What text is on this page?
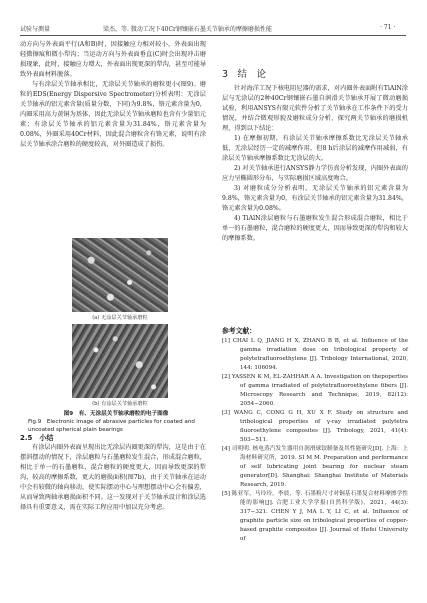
试验与测量	梁杰，等. 微动工况下40Cr钢镶嵌石墨关节轴承的摩擦磨损性能	· 71 ·

动方向与外表面平行(A和B)时，因接触应力相对较小，外表面出现轻微擦痕和微小犁沟；当运动方向与外表面垂直(C)时会出现冲击磨损现象，此时，接触应力增大，外表面出现更深的犁沟，甚至可能导致外表面材料脱落。

与有涂层关节轴承相比，无涂层关节轴承的磨粒更小(图9)。磨粒的EDS(Energy Dispersive Spectrometer)分析表明：无涂层关节轴承的铝元素含量(质量分数，下同)为9.8%，铬元素含量为0，内圈采用高力黄铜为基体，因此无涂层关节轴承磨粒也含有少量铝元素；有涂层关节轴承的铝元素含量为31.84%，铬元素含量为0.08%，外圈采用40Cr材料，因此混合磨粒含有铬元素，说明有涂层关节轴承涂合磨粒的硬度较高，对外圈造成了损伤。

(a) 无涂层关节轴承磨粒
(b) 有涂层关节轴承磨粒
图9　有、无涂层关节轴承磨粒的电子图像
Fig.9　Electronic image of abrasive particles for coated and uncoated spherical plain bearings
2.5　小结

有涂层内圈外表面呈现出比无涂层内圈更深的犁沟，这是由于在摆斜摆动的情况下，涂层磨粒与石墨磨粒发生混合，形成混合磨粒，相比于单一的石墨磨粒，混合磨粒的硬度更大，因而导致更深的犁沟，较高的摩擦系数，更大的磨损面积(图7b)，由于关节轴承在运动中会有较微的轴向移动，使实际摆动中心与理想摆动中心会有偏差，从而导致两轴承磨损面积不同。这一发现对于关节轴承设计和涂层选择具有重要意义，需在实际工程应用中加以充分考虑。

3　结　论

针对海洋工况下核电阻尼器的需求，对内圈外表面附有TiAlN涂层与无涂层的2种40Cr钢镶嵌石墨自润滑关节轴承开展了微动磨损试验，利用ANSYS有限元软件分析了关节轴承在工作条件下的受力情况，并结合微观形貌及磨粒成分分析，探究两关节轴承的磨损机理，得到以下结论：

1) 在摩擦初期，有涂层关节轴承摩擦系数比无涂层关节轴承低，无涂层经历一定的减摩作用，但8 h后涂层的减摩作用减弱，有涂层关节轴承摩擦系数比无涂层的大。

2) 对关节轴承进行ANSYS静力学仿真分析发现，内圈外表面的应力呈椭圆形分布，与实际磨损区域高度吻合。

3) 对磨粒成分分析表明，无涂层关节轴承的铝元素含量为9.8%，铬元素含量为0，有涂层关节轴承的铝元素含量为31.84%，铬元素含量为0.08%。

4) TiAlN涂层磨粒与石墨磨粒发生混合形成混合磨粒，相比于单一的石墨磨粒，混合磨粒的硬度更大，因而导致更深的犁沟和较大的摩擦系数。

参考文献：
[1] CHAI L Q, JIANG H X, ZHANG B B, et al. Influence of the gamma irradiation dose on tribological property of polytetrafluoroethylene [J]. Tribology International, 2020, 144: 106094.
[2] YASSEN K M, EL-ZAHHAR A A. Investigation on thepoperties of gamma irradiated of polytetrafluoroethylene fibers [J]. Microscopy Research and Technique, 2019, 82(12): 2054−2060.
[3] WANG C, CONG G H, XU X F. Study on structure and tribological properties of γ-ray irradiated polytetra fluoroethylene composites [J]. Tribology, 2021, 41(4): 503−511.
[4] 司明明. 核电蒸汽发生器用自润滑球铰制备及其性能研究[D]. 上海：上海材料研究所，2019. SI M M. Preparation and performance of self lubricating joint bearing for nuclear steam generator[D]. Shanghai: Shanghai Institute of Materials Research, 2019.
[5] 陈亚军，马玲玲，李晨，等. 石墨粉尺寸对铜基石墨复合材料摩擦学性能的影响[J]. 合肥工业大学学报(自然科学版)，2021，44(3): 317−321. CHEN Y J, MA L Y, LI C, et al. Influence of graphite particle size on tribological properties of copper-based graphite composites [J]. Journal of Hefei University of
